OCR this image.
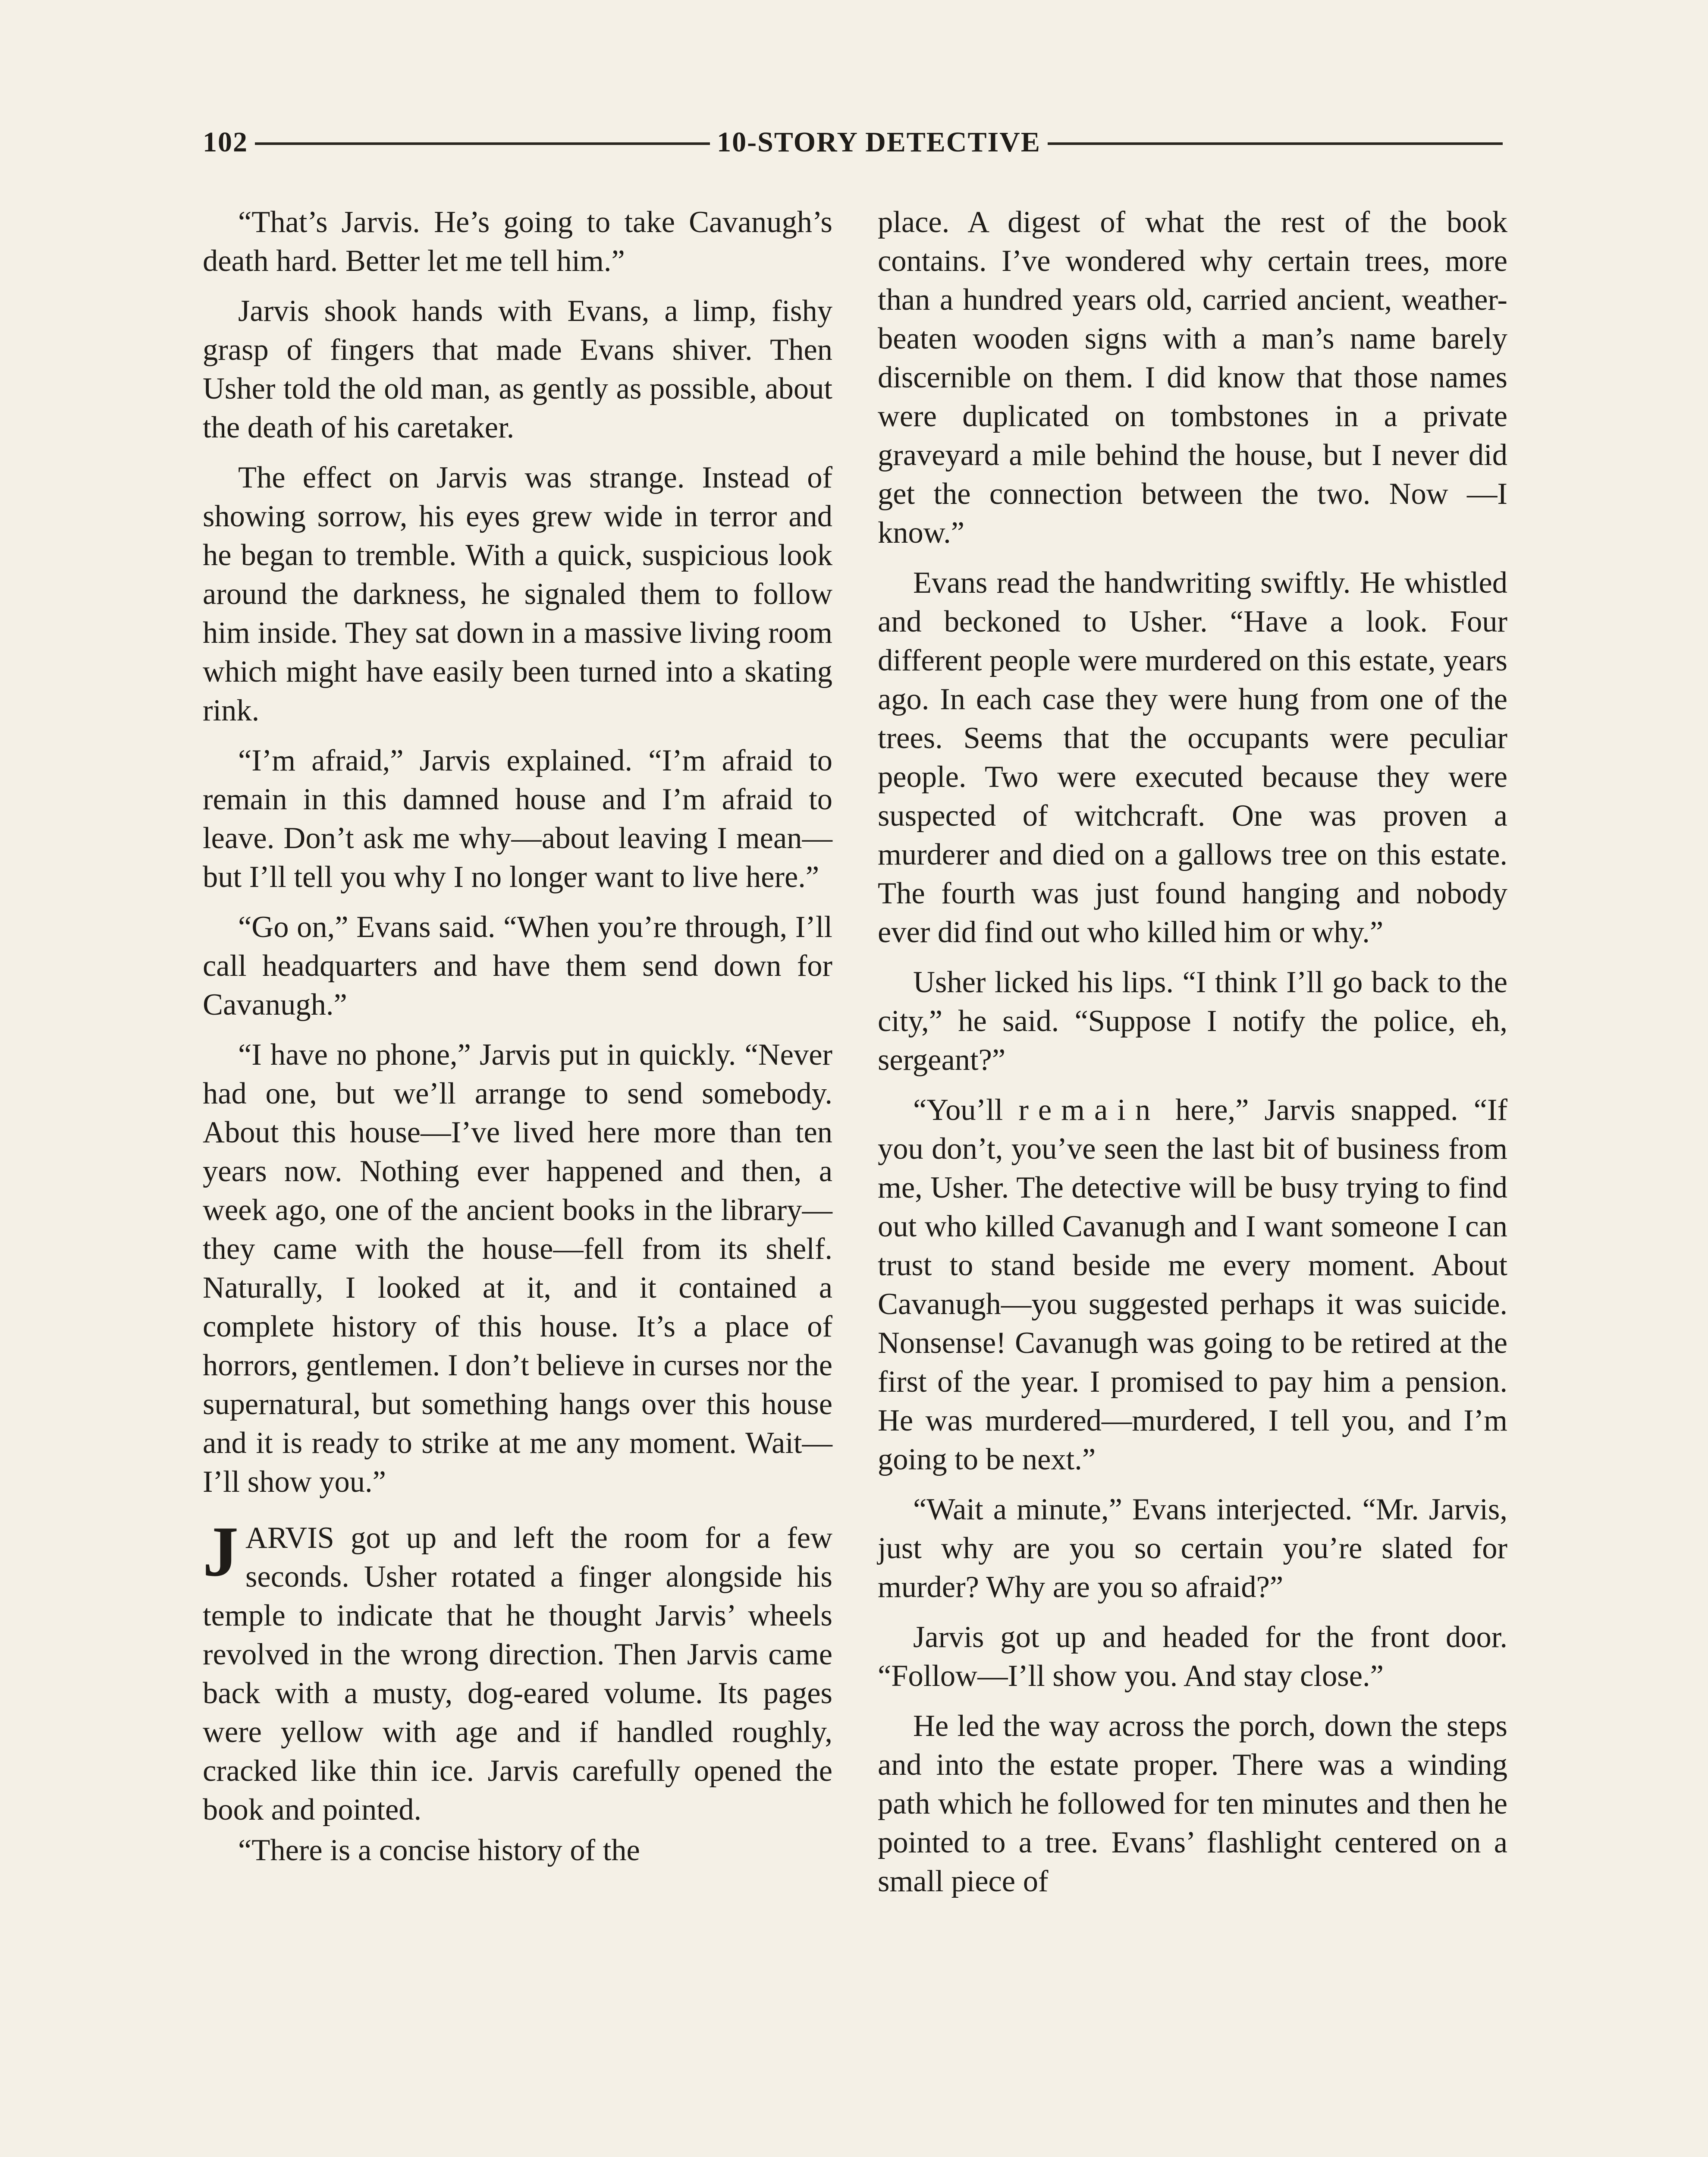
102	10-STORY DETECTIVE

“That’s Jarvis. He’s going to take Cavanugh’s death hard. Better let me tell him.”

Jarvis shook hands with Evans, a limp, fishy grasp of fingers that made Evans shiver. Then Usher told the old man, as gently as possible, about the death of his caretaker.

The effect on Jarvis was strange. Instead of showing sorrow, his eyes grew wide in terror and he began to tremble. With a quick, suspicious look around the darkness, he signaled them to follow him inside. They sat down in a massive living room which might have easily been turned into a skating rink.

“I’m afraid,” Jarvis explained. “I’m afraid to remain in this damned house and I’m afraid to leave. Don’t ask me why—about leaving I mean—but I’ll tell you why I no longer want to live here.”

“Go on,” Evans said. “When you’re through, I’ll call headquarters and have them send down for Cavanugh.”

“I have no phone,” Jarvis put in quickly. “Never had one, but we’ll arrange to send somebody. About this house—I’ve lived here more than ten years now. Nothing ever happened and then, a week ago, one of the ancient books in the library—they came with the house—fell from its shelf. Naturally, I looked at it, and it contained a complete history of this house. It’s a place of horrors, gentlemen. I don’t believe in curses nor the supernatural, but something hangs over this house and it is ready to strike at me any moment. Wait—I’ll show you.”

JARVIS got up and left the room for a few seconds. Usher rotated a finger alongside his temple to indicate that he thought Jarvis’ wheels revolved in the wrong direction. Then Jarvis came back with a musty, dog-eared volume. Its pages were yellow with age and if handled roughly, cracked like thin ice. Jarvis carefully opened the book and pointed.

“There is a concise history of the

place. A digest of what the rest of the book contains. I’ve wondered why certain trees, more than a hundred years old, carried ancient, weather-beaten wooden signs with a man’s name barely discernible on them. I did know that those names were duplicated on tombstones in a private graveyard a mile behind the house, but I never did get the connection between the two. Now —I know.”

Evans read the handwriting swiftly. He whistled and beckoned to Usher. “Have a look. Four different people were murdered on this estate, years ago. In each case they were hung from one of the trees. Seems that the occupants were peculiar people. Two were executed because they were suspected of witchcraft. One was proven a murderer and died on a gallows tree on this estate. The fourth was just found hanging and nobody ever did find out who killed him or why.”

Usher licked his lips. “I think I’ll go back to the city,” he said. “Suppose I notify the police, eh, sergeant?”

“You’ll remain here,” Jarvis snapped. “If you don’t, you’ve seen the last bit of business from me, Usher. The detective will be busy trying to find out who killed Cavanugh and I want someone I can trust to stand beside me every moment. About Cavanugh—you suggested perhaps it was suicide. Nonsense! Cavanugh was going to be retired at the first of the year. I promised to pay him a pension. He was murdered—murdered, I tell you, and I’m going to be next.”

“Wait a minute,” Evans interjected. “Mr. Jarvis, just why are you so certain you’re slated for murder? Why are you so afraid?”

Jarvis got up and headed for the front door. “Follow—I’ll show you. And stay close.”

He led the way across the porch, down the steps and into the estate proper. There was a winding path which he followed for ten minutes and then he pointed to a tree. Evans’ flashlight centered on a small piece of
